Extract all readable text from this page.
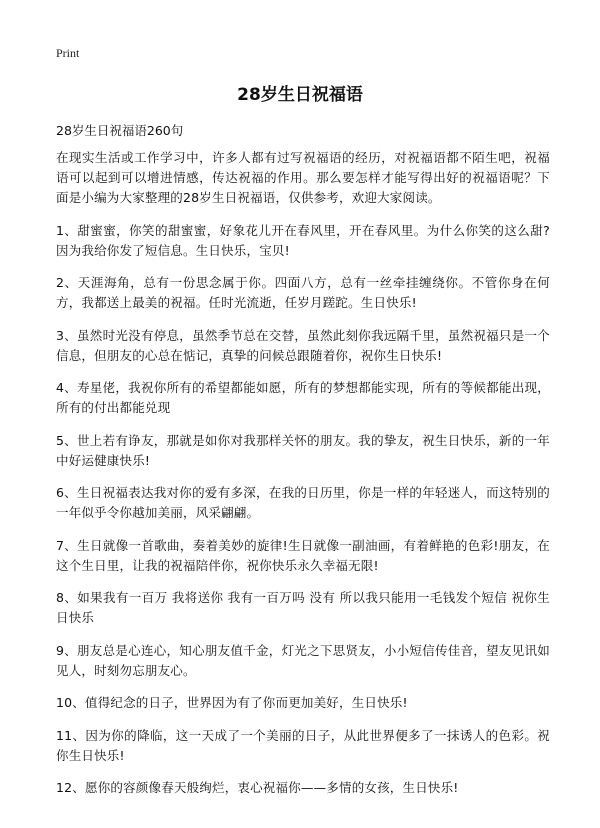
Print
28岁生日祝福语
28岁生日祝福语260句

在现实生活或工作学习中，许多人都有过写祝福语的经历，对祝福语都不陌生吧，祝福语可以起到可以增进情感，传达祝福的作用。那么要怎样才能写得出好的祝福语呢？下面是小编为大家整理的28岁生日祝福语，仅供参考，欢迎大家阅读。

1、甜蜜蜜，你笑的甜蜜蜜，好象花儿开在春风里，开在春风里。为什么你笑的这么甜?因为我给你发了短信息。生日快乐，宝贝!

2、天涯海角，总有一份思念属于你。四面八方，总有一丝牵挂缠绕你。不管你身在何方，我都送上最美的祝福。任时光流逝，任岁月蹉跎。生日快乐!

3、虽然时光没有停息，虽然季节总在交替，虽然此刻你我远隔千里，虽然祝福只是一个信息，但朋友的心总在惦记，真挚的问候总跟随着你，祝你生日快乐!

4、寿星佬，我祝你所有的希望都能如愿，所有的梦想都能实现，所有的等候都能出现，所有的付出都能兑现

5、世上若有诤友，那就是如你对我那样关怀的朋友。我的挚友，祝生日快乐，新的一年中好运健康快乐!

6、生日祝福表达我对你的爱有多深，在我的日历里，你是一样的年轻迷人，而这特别的一年似乎令你越加美丽，风采翩翩。

7、生日就像一首歌曲，奏着美妙的旋律!生日就像一副油画，有着鲜艳的色彩!朋友，在这个生日里，让我的祝福陪伴你，祝你快乐永久幸福无限!

8、如果我有一百万 我将送你 我有一百万吗 没有 所以我只能用一毛钱发个短信 祝你生日快乐

9、朋友总是心连心，知心朋友值千金，灯光之下思贤友，小小短信传佳音，望友见讯如见人，时刻勿忘朋友心。

10、值得纪念的日子，世界因为有了你而更加美好，生日快乐!

11、因为你的降临，这一天成了一个美丽的日子，从此世界便多了一抹诱人的色彩。祝你生日快乐!

12、愿你的容颜像春天般绚烂，衷心祝福你——多情的女孩，生日快乐!
